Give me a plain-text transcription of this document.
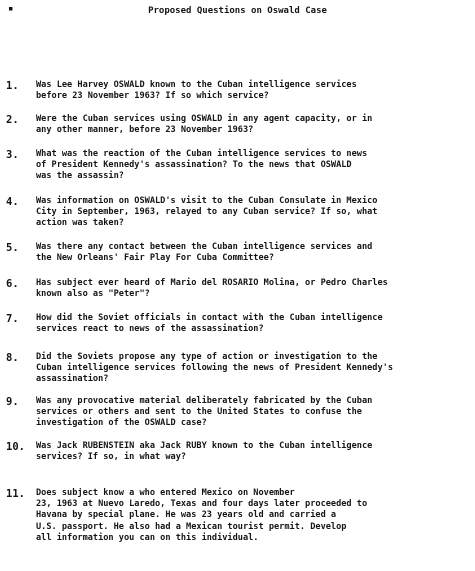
▪	Proposed Questions on Oswald Case
1.	Was Lee Harvey OSWALD known to the Cuban intelligence services
before 23 November 1963? If so which service?
2.	Were the Cuban services using OSWALD in any agent capacity, or in
any other manner, before 23 November 1963?
3.	What was the reaction of the Cuban intelligence services to news
of President Kennedy's assassination? To the news that OSWALD
was the assassin?
4.	Was information on OSWALD's visit to the Cuban Consulate in Mexico
City in September, 1963, relayed to any Cuban service? If so, what
action was taken?
5.	Was there any contact between the Cuban intelligence services and
the New Orleans' Fair Play For Cuba Committee?
6.	Has subject ever heard of Mario del ROSARIO Molina, or Pedro Charles
known also as "Peter"?
7.	How did the Soviet officials in contact with the Cuban intelligence
services react to news of the assassination?
8.	Did the Soviets propose any type of action or investigation to the
Cuban intelligence services following the news of President Kennedy's
assassination?
9.	Was any provocative material deliberately fabricated by the Cuban
services or others and sent to the United States to confuse the
investigation of the OSWALD case?
10.	Was Jack RUBENSTEIN aka Jack RUBY known to the Cuban intelligence
services? If so, in what way?
11.	Does subject know a who entered Mexico on November
23, 1963 at Nuevo Laredo, Texas and four days later proceeded to
Havana by special plane. He was 23 years old and carried a
U.S. passport. He also had a Mexican tourist permit. Develop
all information you can on this individual.
